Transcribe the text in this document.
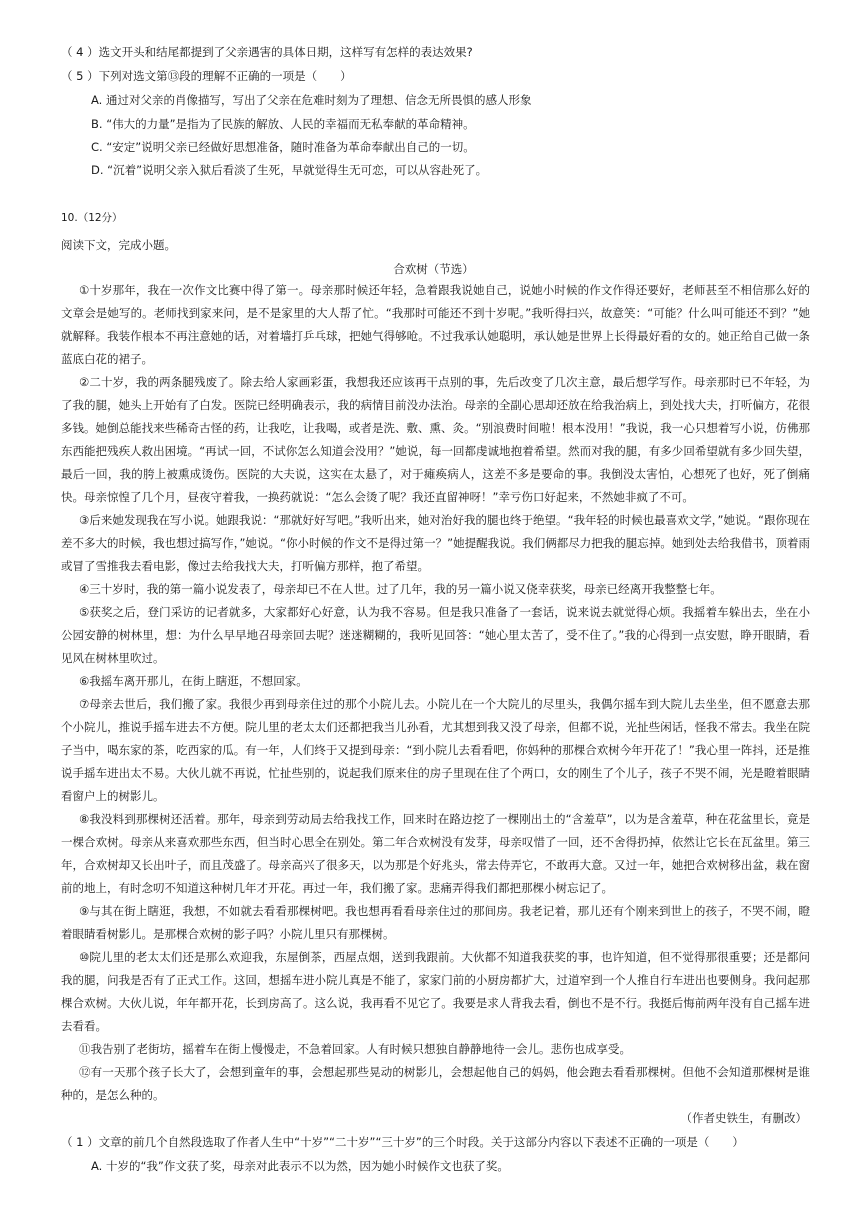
（ 4 ）选文开头和结尾都提到了父亲遇害的具体日期，这样写有怎样的表达效果?
（ 5 ）下列对选文第⑬段的理解不正确的一项是（　　）
A. 通过对父亲的肖像描写，写出了父亲在危难时刻为了理想、信念无所畏惧的感人形象
B. “伟大的力量”是指为了民族的解放、人民的幸福而无私奉献的革命精神。
C. “安定”说明父亲已经做好思想准备，随时准备为革命奉献出自己的一切。
D. “沉着”说明父亲入狱后看淡了生死，早就觉得生无可恋，可以从容赴死了。
10.（12分）
阅读下文，完成小题。
合欢树（节选）
①十岁那年，我在一次作文比赛中得了第一。母亲那时候还年轻，急着跟我说她自己，说她小时候的作文作得还要好，老师甚至不相信那么好的文章会是她写的。老师找到家来问，是不是家里的大人帮了忙。“我那时可能还不到十岁呢。”我听得扫兴，故意笑：“可能？什么叫可能还不到？”她就解释。我装作根本不再注意她的话，对着墙打乒乓球，把她气得够呛。不过我承认她聪明，承认她是世界上长得最好看的女的。她正给自己做一条蓝底白花的裙子。
②二十岁，我的两条腿残废了。除去给人家画彩蛋，我想我还应该再干点别的事，先后改变了几次主意，最后想学写作。母亲那时已不年轻，为了我的腿，她头上开始有了白发。医院已经明确表示，我的病情目前没办法治。母亲的全副心思却还放在给我治病上，到处找大夫，打听偏方，花很多钱。她倒总能找来些稀奇古怪的药，让我吃，让我喝，或者是洗、敷、熏、灸。“别浪费时间啦！根本没用！”我说，我一心只想着写小说，仿佛那东西能把残疾人救出困境。“再试一回，不试你怎么知道会没用？”她说，每一回都虔诚地抱着希望。然而对我的腿，有多少回希望就有多少回失望，最后一回，我的胯上被熏成烫伤。医院的大夫说，这实在太悬了，对于瘫痪病人，这差不多是要命的事。我倒没太害怕，心想死了也好，死了倒痛快。母亲惊惶了几个月，昼夜守着我，一换药就说：“怎么会烫了呢？我还直留神呀！”幸亏伤口好起来，不然她非疯了不可。
③后来她发现我在写小说。她跟我说：“那就好好写吧。”我听出来，她对治好我的腿也终于绝望。“我年轻的时候也最喜欢文学，”她说。“跟你现在差不多大的时候，我也想过搞写作，”她说。“你小时候的作文不是得过第一？”她提醒我说。我们俩都尽力把我的腿忘掉。她到处去给我借书，顶着雨或冒了雪推我去看电影，像过去给我找大夫，打听偏方那样，抱了希望。
④三十岁时，我的第一篇小说发表了，母亲却已不在人世。过了几年，我的另一篇小说又侥幸获奖，母亲已经离开我整整七年。
⑤获奖之后，登门采访的记者就多，大家都好心好意，认为我不容易。但是我只准备了一套话，说来说去就觉得心烦。我摇着车躲出去，坐在小公园安静的树林里，想：为什么早早地召母亲回去呢？迷迷糊糊的，我听见回答：“她心里太苦了，受不住了。”我的心得到一点安慰，睁开眼睛，看见风在树林里吹过。
⑥我摇车离开那儿，在街上瞎逛，不想回家。
⑦母亲去世后，我们搬了家。我很少再到母亲住过的那个小院儿去。小院儿在一个大院儿的尽里头，我偶尔摇车到大院儿去坐坐，但不愿意去那个小院儿，推说手摇车进去不方便。院儿里的老太太们还都把我当儿孙看，尤其想到我又没了母亲，但都不说，光扯些闲话，怪我不常去。我坐在院子当中，喝东家的茶，吃西家的瓜。有一年，人们终于又提到母亲：“到小院儿去看看吧，你妈种的那棵合欢树今年开花了！”我心里一阵抖，还是推说手摇车进出太不易。大伙儿就不再说，忙扯些别的，说起我们原来住的房子里现在住了个两口，女的刚生了个儿子，孩子不哭不闹，光是瞪着眼睛看窗户上的树影儿。
⑧我没料到那棵树还活着。那年，母亲到劳动局去给我找工作，回来时在路边挖了一棵刚出土的“含羞草”，以为是含羞草，种在花盆里长，竟是一棵合欢树。母亲从来喜欢那些东西，但当时心思全在别处。第二年合欢树没有发芽，母亲叹惜了一回，还不舍得扔掉，依然让它长在瓦盆里。第三年，合欢树却又长出叶子，而且茂盛了。母亲高兴了很多天，以为那是个好兆头，常去侍弄它，不敢再大意。又过一年，她把合欢树移出盆，栽在窗前的地上，有时念叨不知道这种树几年才开花。再过一年，我们搬了家。悲痛弄得我们都把那棵小树忘记了。
⑨与其在街上瞎逛，我想，不如就去看看那棵树吧。我也想再看看母亲住过的那间房。我老记着，那儿还有个刚来到世上的孩子，不哭不闹，瞪着眼睛看树影儿。是那棵合欢树的影子吗？小院儿里只有那棵树。
⑩院儿里的老太太们还是那么欢迎我，东屋倒茶，西屋点烟，送到我跟前。大伙都不知道我获奖的事，也许知道，但不觉得那很重要；还是都问我的腿，问我是否有了正式工作。这回，想摇车进小院儿真是不能了，家家门前的小厨房都扩大，过道窄到一个人推自行车进出也要侧身。我问起那棵合欢树。大伙儿说，年年都开花，长到房高了。这么说，我再看不见它了。我要是求人背我去看，倒也不是不行。我挺后悔前两年没有自己摇车进去看看。
⑪我告别了老街坊，摇着车在街上慢慢走，不急着回家。人有时候只想独自静静地待一会儿。悲伤也成享受。
⑫有一天那个孩子长大了，会想到童年的事，会想起那些晃动的树影儿，会想起他自己的妈妈，他会跑去看看那棵树。但他不会知道那棵树是谁种的，是怎么种的。
（作者史铁生，有删改）
（ 1 ）文章的前几个自然段选取了作者人生中“十岁”“二十岁”“三十岁”的三个时段。关于这部分内容以下表述不正确的一项是（　　）
A. 十岁的“我”作文获了奖，母亲对此表示不以为然，因为她小时候作文也获了奖。
